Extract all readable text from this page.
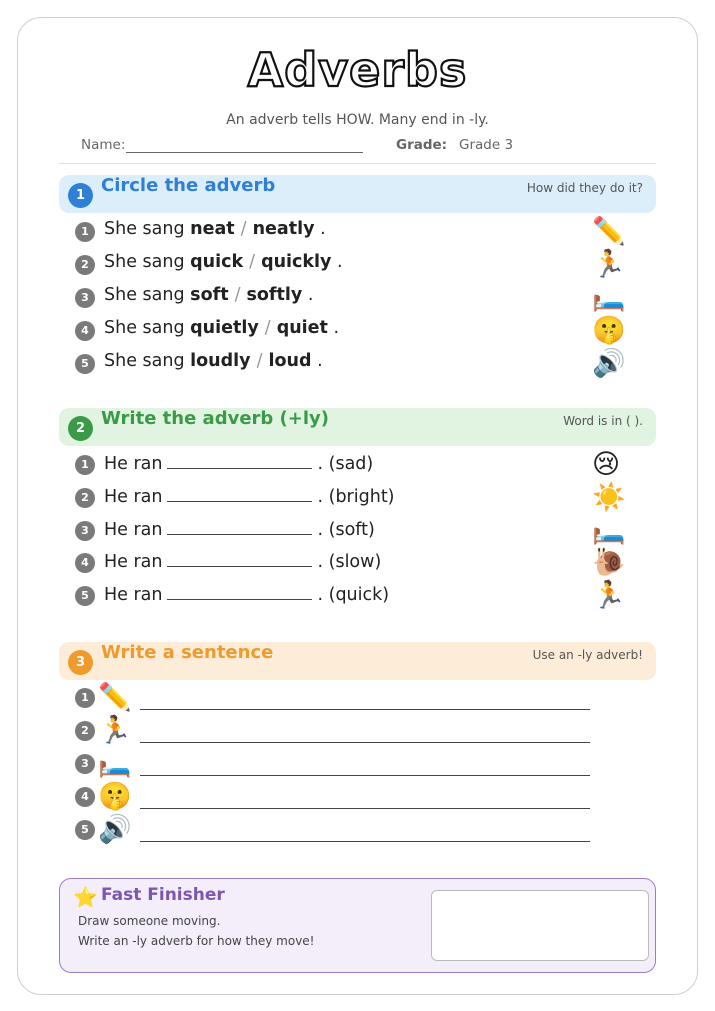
Adverbs
An adverb tells HOW. Many end in -ly.
Name:	Grade: Grade 3
1 Circle the adverb	How did they do it?
1 She sang neat / neatly .	✏️
2 She sang quick / quickly .	🏃
3 She sang soft / softly .	🛏️
4 She sang quietly / quiet .	🤫
5 She sang loudly / loud .	🔊
2 Write the adverb (+ly)	Word is in ( ).
1 He ran	. (sad)	😢
2 He ran	. (bright)	☀️
3 He ran	. (soft)	🛏️
4 He ran	. (slow)	🐌
5 He ran	. (quick)	🏃
3 Write a sentence	Use an -ly adverb!
1 ✏️
2 🏃
3 🛏️
4 🤫
5 🔊
⭐ Fast Finisher
Draw someone moving.
Write an -ly adverb for how they move!
